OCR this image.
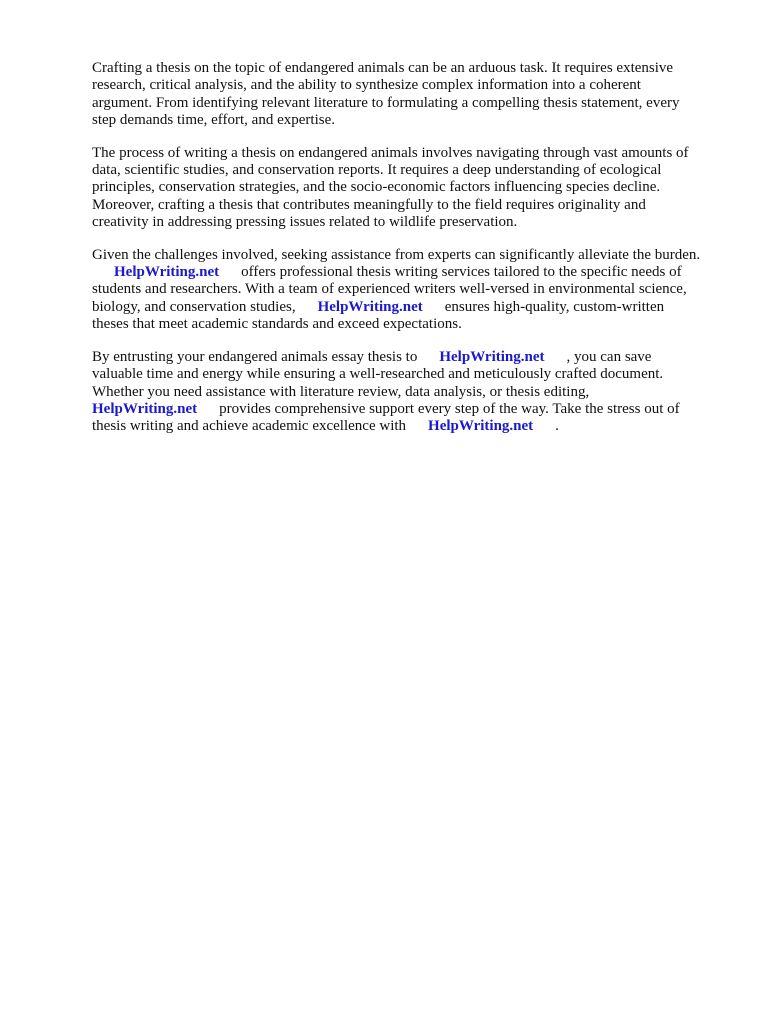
Crafting a thesis on the topic of endangered animals can be an arduous task. It requires extensive
research, critical analysis, and the ability to synthesize complex information into a coherent
argument. From identifying relevant literature to formulating a compelling thesis statement, every
step demands time, effort, and expertise.

The process of writing a thesis on endangered animals involves navigating through vast amounts of
data, scientific studies, and conservation reports. It requires a deep understanding of ecological
principles, conservation strategies, and the socio-economic factors influencing species decline.
Moreover, crafting a thesis that contributes meaningfully to the field requires originality and
creativity in addressing pressing issues related to wildlife preservation.

Given the challenges involved, seeking assistance from experts can significantly alleviate the burden.
HelpWriting.net offers professional thesis writing services tailored to the specific needs of
students and researchers. With a team of experienced writers well-versed in environmental science,
biology, and conservation studies, HelpWriting.net ensures high-quality, custom-written
theses that meet academic standards and exceed expectations.

By entrusting your endangered animals essay thesis to HelpWriting.net , you can save
valuable time and energy while ensuring a well-researched and meticulously crafted document.
Whether you need assistance with literature review, data analysis, or thesis editing,
HelpWriting.net provides comprehensive support every step of the way. Take the stress out of
thesis writing and achieve academic excellence with HelpWriting.net .
